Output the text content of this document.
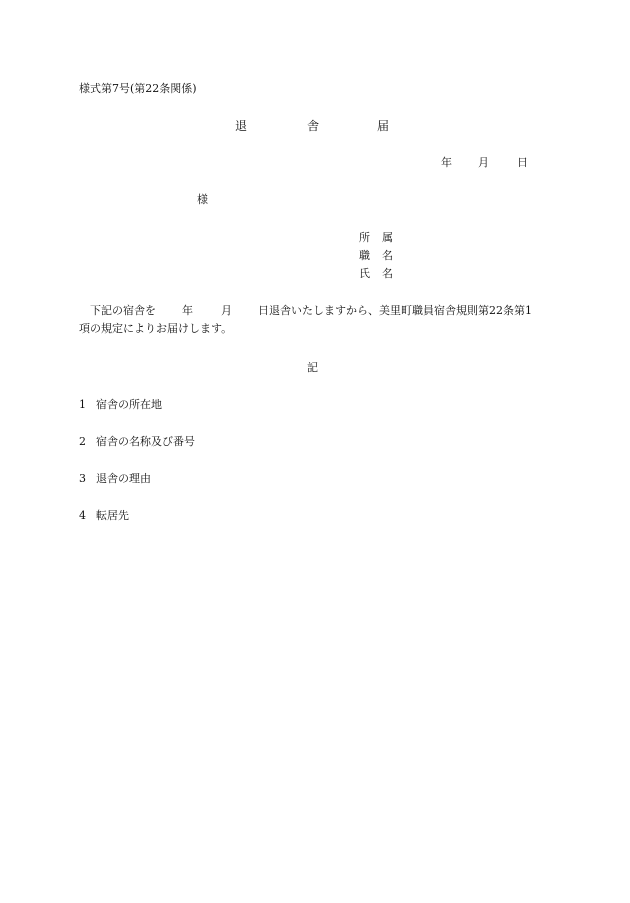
様式第7号(第22条関係)
退	舎	届
年 月	日
様
所 属
職 名
氏 名
下記の宿舎を 年	月 日退舎いたしますから、美里町職員宿舎規則第22条第1
項の規定によりお届けします。
記
1 宿舎の所在地
2 宿舎の名称及び番号
3 退舎の理由
4 転居先
